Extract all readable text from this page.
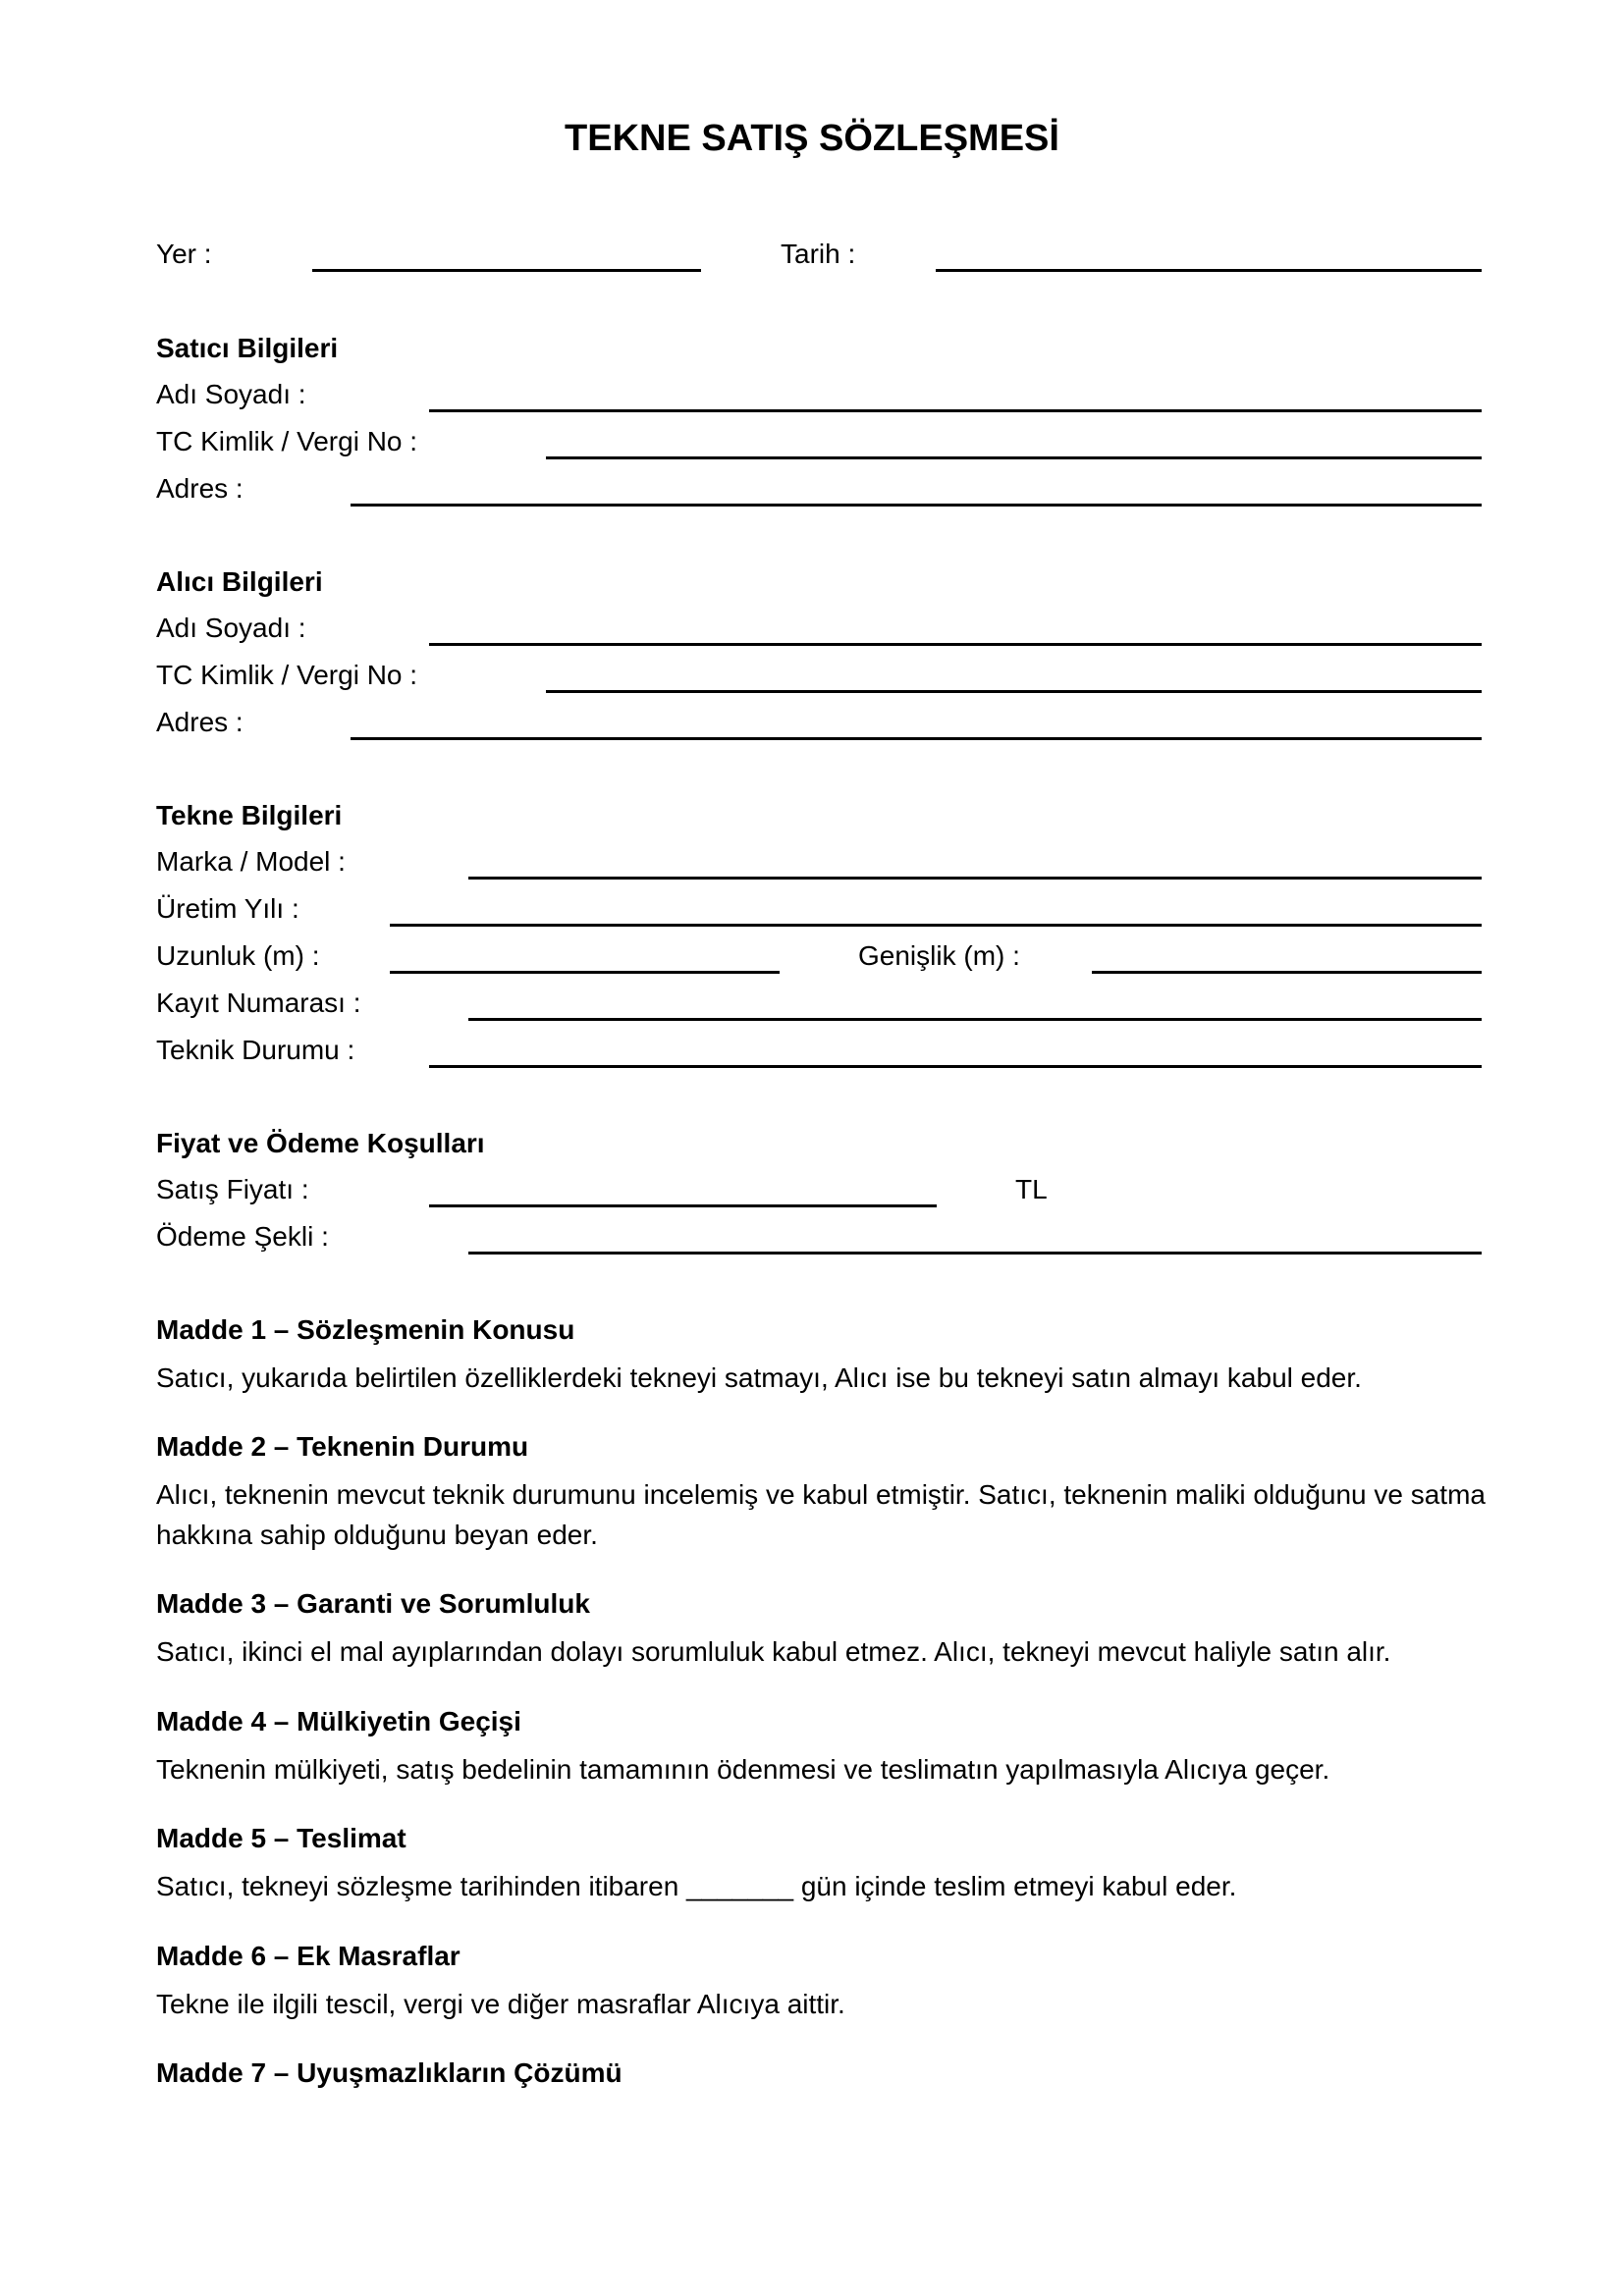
TEKNE SATIŞ SÖZLEŞMESİ
Yer :	Tarih :
Satıcı Bilgileri
Adı Soyadı :
TC Kimlik / Vergi No :
Adres :
Alıcı Bilgileri
Adı Soyadı :
TC Kimlik / Vergi No :
Adres :
Tekne Bilgileri
Marka / Model :
Üretim Yılı :
Uzunluk (m) :	Genişlik (m) :
Kayıt Numarası :
Teknik Durumu :
Fiyat ve Ödeme Koşulları
Satış Fiyatı :	TL
Ödeme Şekli :
Madde 1 – Sözleşmenin Konusu
Satıcı, yukarıda belirtilen özelliklerdeki tekneyi satmayı, Alıcı ise bu tekneyi satın almayı kabul eder.
Madde 2 – Teknenin Durumu
Alıcı, teknenin mevcut teknik durumunu incelemiş ve kabul etmiştir. Satıcı, teknenin maliki olduğunu ve satma hakkına sahip olduğunu beyan eder.
Madde 3 – Garanti ve Sorumluluk
Satıcı, ikinci el mal ayıplarından dolayı sorumluluk kabul etmez. Alıcı, tekneyi mevcut haliyle satın alır.
Madde 4 – Mülkiyetin Geçişi
Teknenin mülkiyeti, satış bedelinin tamamının ödenmesi ve teslimatın yapılmasıyla Alıcıya geçer.
Madde 5 – Teslimat
Satıcı, tekneyi sözleşme tarihinden itibaren _______ gün içinde teslim etmeyi kabul eder.
Madde 6 – Ek Masraflar
Tekne ile ilgili tescil, vergi ve diğer masraflar Alıcıya aittir.
Madde 7 – Uyuşmazlıkların Çözümü
